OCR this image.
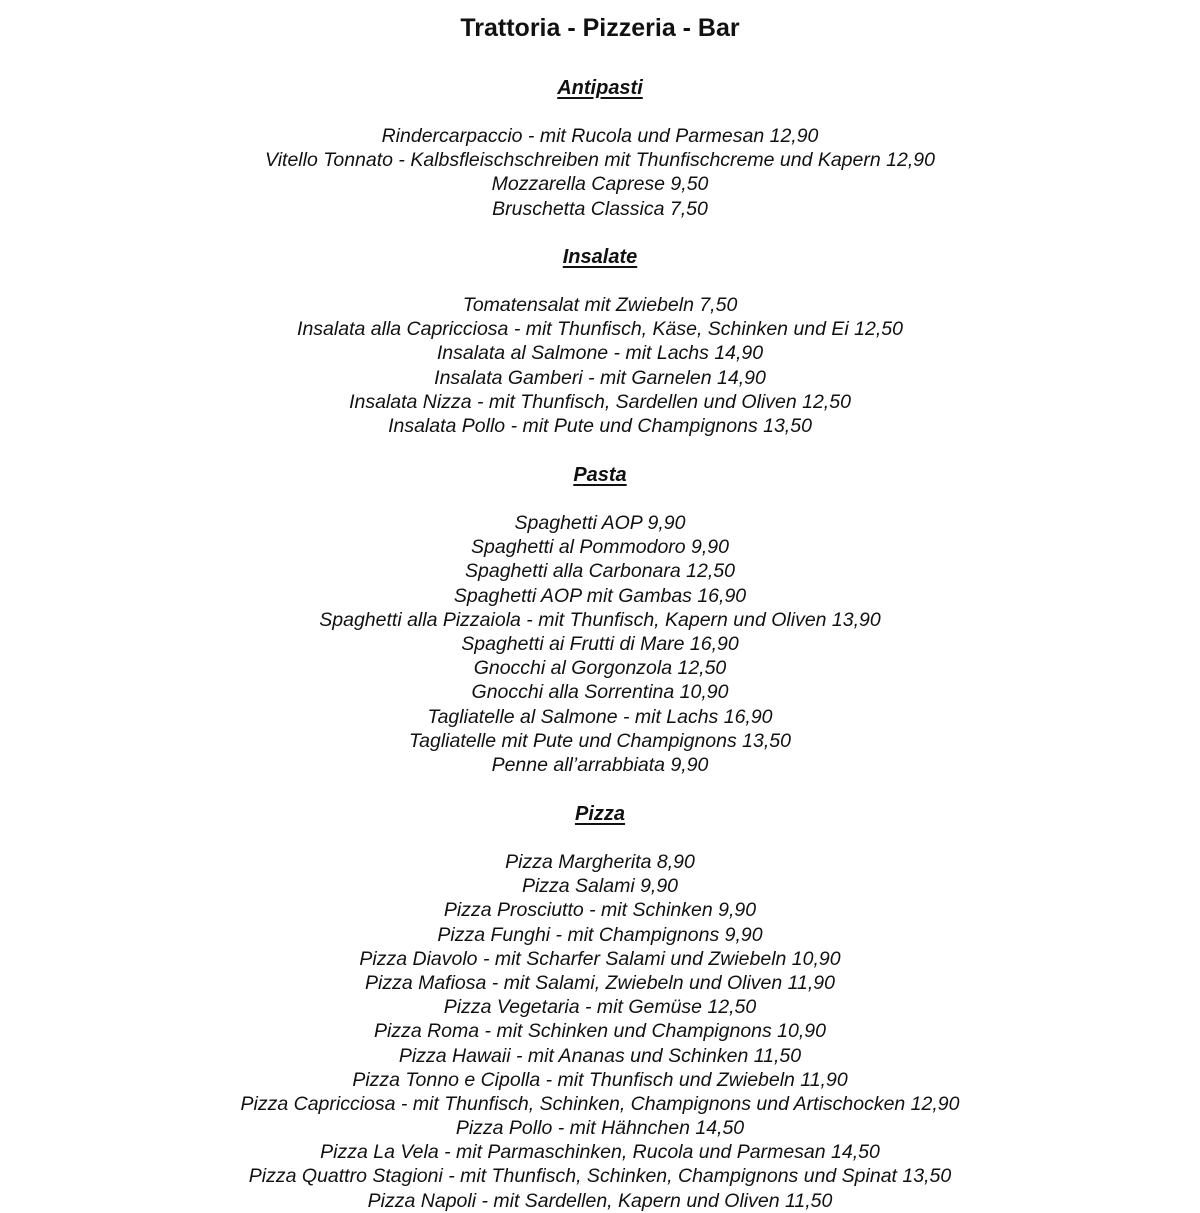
Trattoria - Pizzeria - Bar
Antipasti
Rindercarpaccio - mit Rucola und Parmesan 12,90
Vitello Tonnato - Kalbsfleischschreiben mit Thunfischcreme und Kapern 12,90
Mozzarella Caprese 9,50
Bruschetta Classica 7,50
Insalate
Tomatensalat mit Zwiebeln 7,50
Insalata alla Capricciosa - mit Thunfisch, Käse, Schinken und Ei 12,50
Insalata al Salmone - mit Lachs 14,90
Insalata Gamberi - mit Garnelen 14,90
Insalata Nizza - mit Thunfisch, Sardellen und Oliven 12,50
Insalata Pollo - mit Pute und Champignons 13,50
Pasta
Spaghetti AOP 9,90
Spaghetti al Pommodoro 9,90
Spaghetti alla Carbonara 12,50
Spaghetti AOP mit Gambas 16,90
Spaghetti alla Pizzaiola - mit Thunfisch, Kapern und Oliven 13,90
Spaghetti ai Frutti di Mare 16,90
Gnocchi al Gorgonzola 12,50
Gnocchi alla Sorrentina 10,90
Tagliatelle al Salmone - mit Lachs 16,90
Tagliatelle mit Pute und Champignons 13,50
Penne all’arrabbiata 9,90
Pizza
Pizza Margherita 8,90
Pizza Salami 9,90
Pizza Prosciutto - mit Schinken 9,90
Pizza Funghi - mit Champignons 9,90
Pizza Diavolo - mit Scharfer Salami und Zwiebeln 10,90
Pizza Mafiosa - mit Salami, Zwiebeln und Oliven 11,90
Pizza Vegetaria - mit Gemüse 12,50
Pizza Roma - mit Schinken und Champignons 10,90
Pizza Hawaii - mit Ananas und Schinken 11,50
Pizza Tonno e Cipolla - mit Thunfisch und Zwiebeln 11,90
Pizza Capricciosa - mit Thunfisch, Schinken, Champignons und Artischocken 12,90
Pizza Pollo - mit Hähnchen 14,50
Pizza La Vela - mit Parmaschinken, Rucola und Parmesan 14,50
Pizza Quattro Stagioni - mit Thunfisch, Schinken, Champignons und Spinat 13,50
Pizza Napoli - mit Sardellen, Kapern und Oliven 11,50
